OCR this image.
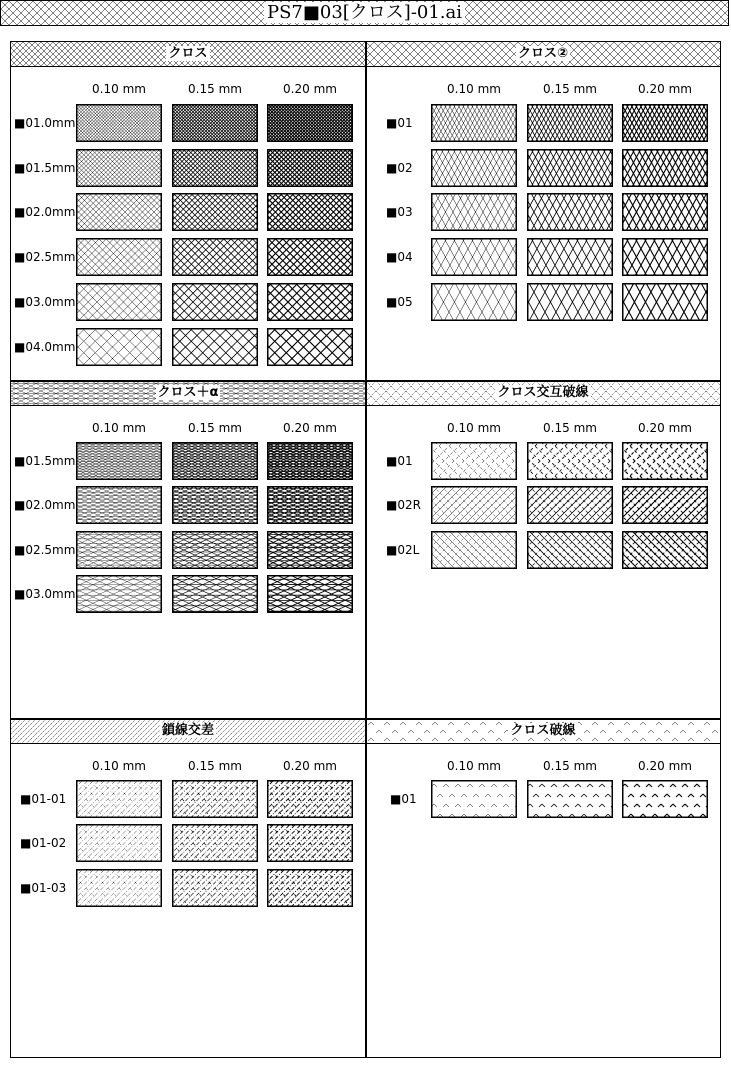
PS7■03[クロス]-01.ai
クロス
0.10 mm	0.15 mm	0.20 mm
■01.0mm
■01.5mm
■02.0mm
■02.5mm
■03.0mm
■04.0mm
クロス②
0.10 mm	0.15 mm	0.20 mm
■01
■02
■03
■04
■05
クロス＋α
0.10 mm	0.15 mm	0.20 mm
■01.5mm
■02.0mm
■02.5mm
■03.0mm
クロス交互破線
0.10 mm	0.15 mm	0.20 mm
■01
■02R
■02L
鎖線交差
0.10 mm	0.15 mm	0.20 mm
■01-01
■01-02
■01-03
クロス破線
0.10 mm	0.15 mm	0.20 mm
■01
